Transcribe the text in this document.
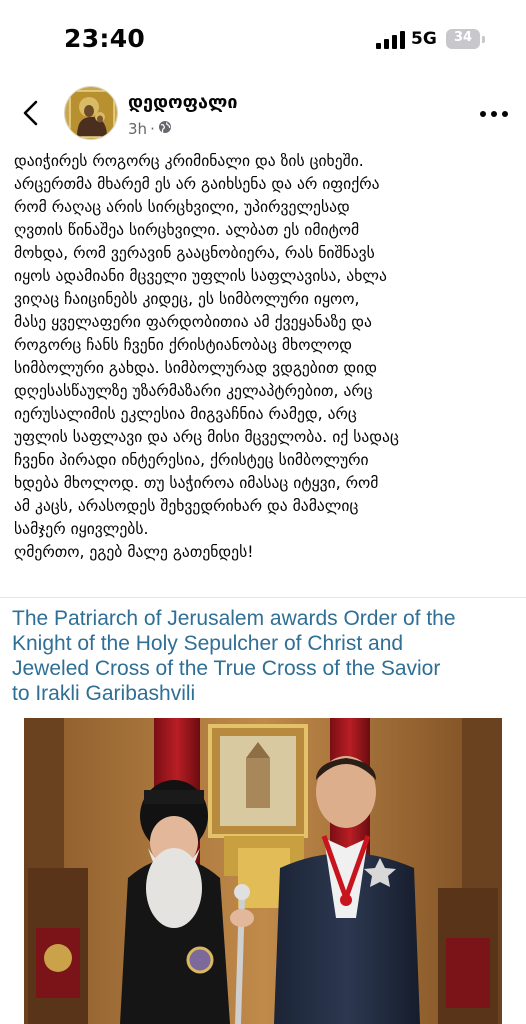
23:40	5G	34
დედოფალი
3h ·
დაიჭირეს როგორც კრიმინალი და ზის ციხეში.
არცერთმა მხარემ ეს არ გაიხსენა და არ იფიქრა
რომ რაღაც არის სირცხვილი, უპირველესად
ღვთის წინაშეა სირცხვილი. ალბათ ეს იმიტომ
მოხდა, რომ ვერავინ გააცნობიერა, რას ნიშნავს
იყოს ადამიანი მცველი უფლის საფლავისა, ახლა
ვიღაც ჩაიცინებს კიდეც, ეს სიმბოლური იყოო,
მასე ყველაფერი ფარდობითია ამ ქვეყანაზე და
როგორც ჩანს ჩვენი ქრისტიანობაც მხოლოდ
სიმბოლური გახდა. სიმბოლურად ვდგებით დიდ
დღესასწაულზე უზარმაზარი კელაპტრებით, არც
იერუსალიმის ეკლესია მიგვაჩნია რამედ, არც
უფლის საფლავი და არც მისი მცველობა. იქ სადაც
ჩვენი პირადი ინტერესია, ქრისტეც სიმბოლური
ხდება მხოლოდ. თუ საჭიროა იმასაც იტყვი, რომ
ამ კაცს, არასოდეს შეხვედრიხარ და მამალიც
სამჯერ იყივლებს.
ღმერთო, ეგებ მალე გათენდეს!
The Patriarch of Jerusalem awards Order of the
Knight of the Holy Sepulcher of Christ and
Jeweled Cross of the True Cross of the Savior
to Irakli Garibashvili
